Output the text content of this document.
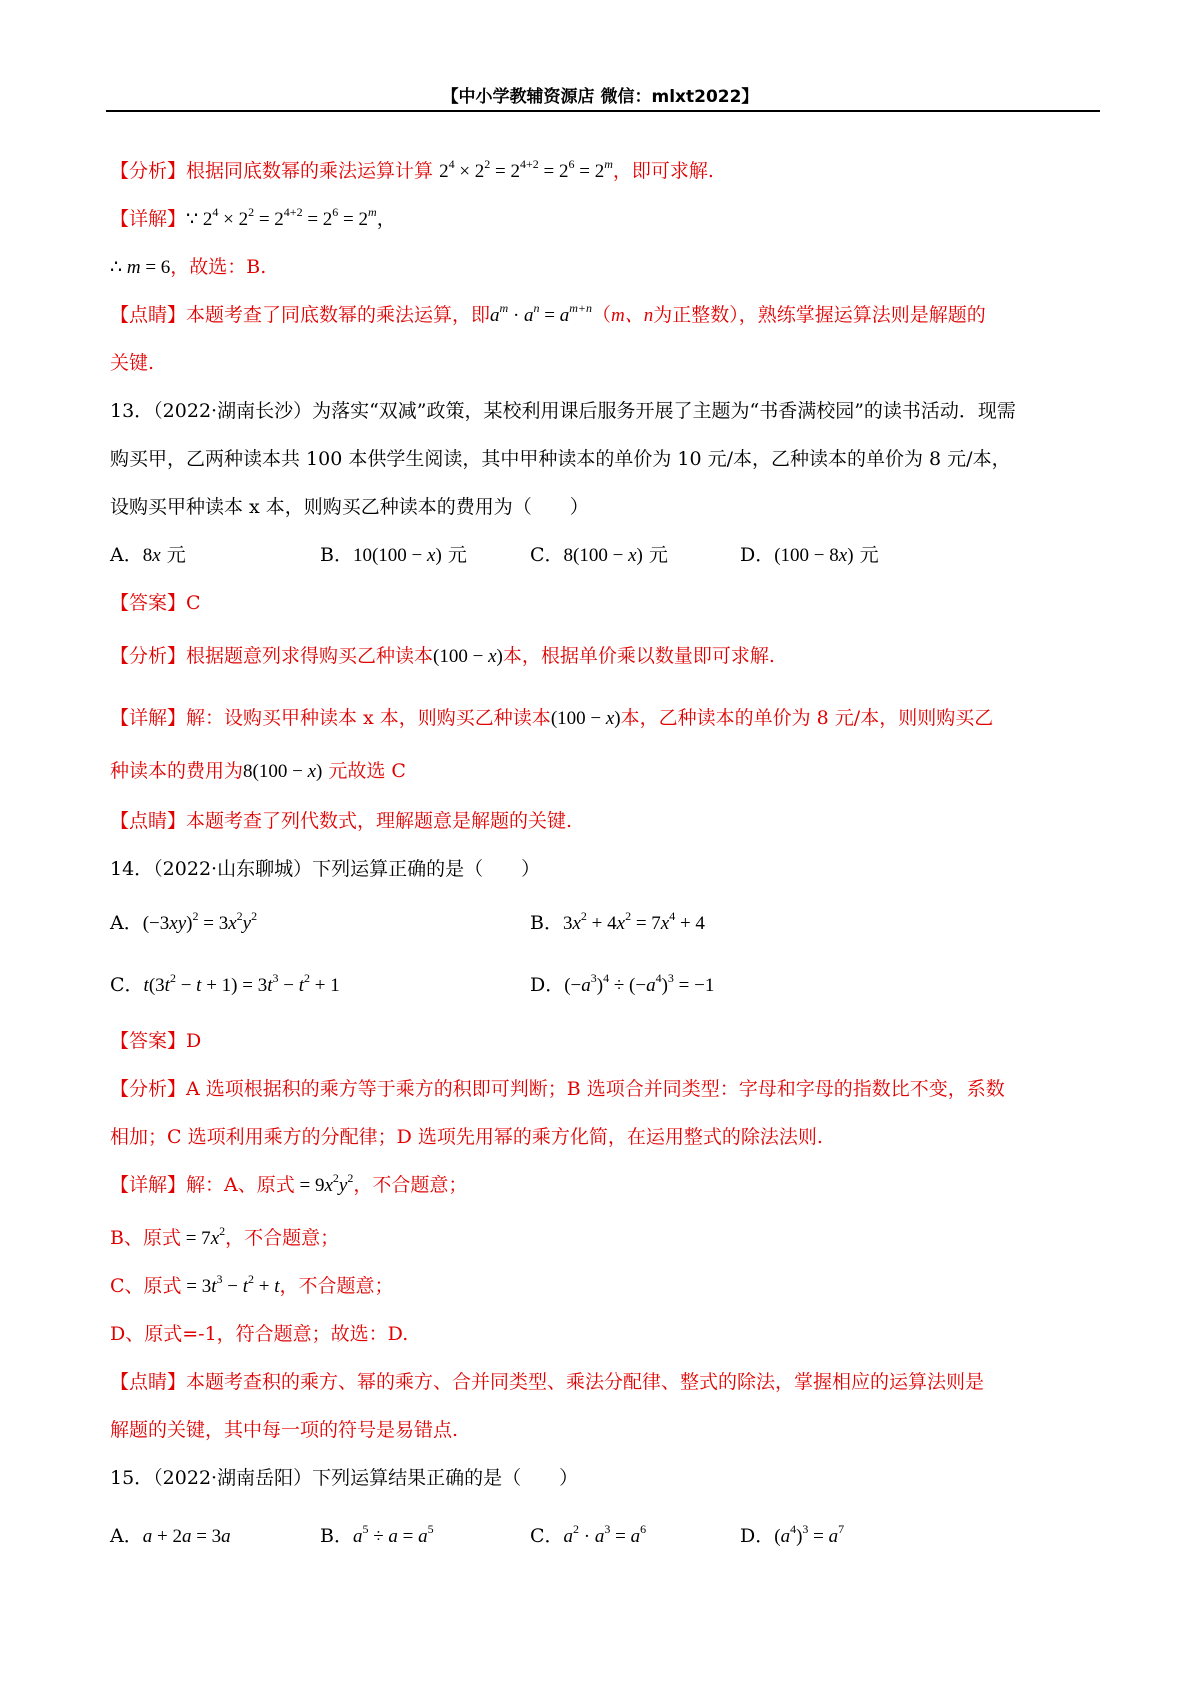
【中小学教辅资源店 微信：mlxt2022】
【分析】根据同底数幂的乘法运算计算 $2^4 \times 2^2 = 2^{4+2} = 2^6 = 2^m$，即可求解.
【详解】∵ $2^4 \times 2^2 = 2^{4+2} = 2^6 = 2^m$，
∴ m = 6，故选：B.
【点睛】本题考查了同底数幂的乘法运算，即$a^m \cdot a^n = a^{m+n}(m$、n为正整数），熟练掌握运算法则是解题的
关键.
13．（2022·湖南长沙）为落实“双减”政策，某校利用课后服务开展了主题为“书香满校园”的读书活动．现需
购买甲，乙两种读本共 100 本供学生阅读，其中甲种读本的单价为 10 元/本，乙种读本的单价为 8 元/本，
设购买甲种读本 x 本，则购买乙种读本的费用为（　　）
A．8x 元	B．10(100 − x) 元	C．8(100 − x) 元	D．(100 − 8x) 元
【答案】C
【分析】根据题意列求得购买乙种读本(100 − x)本，根据单价乘以数量即可求解.
【详解】解：设购买甲种读本 x 本，则购买乙种读本(100 − x)本，乙种读本的单价为 8 元/本，则则购买乙
种读本的费用为8(100 − x) 元故选 C
【点睛】本题考查了列代数式，理解题意是解题的关键.
14．（2022·山东聊城）下列运算正确的是（　　）
A．$(-3xy)^2 = 3x^2y^2$	B．$3x^2 + 4x^2 = 7x^4 + 4$
C．$t(3t^2 - t + 1) = 3t^3 - t^2 + 1$	D．$(-a^3)^4 \div (-a^4)^3 = -1$
【答案】D
【分析】A 选项根据积的乘方等于乘方的积即可判断；B 选项合并同类型：字母和字母的指数比不变，系数
相加；C 选项利用乘方的分配律；D 选项先用幂的乘方化简，在运用整式的除法法则.
【详解】解：A、原式 = $9x^2y^2$，不合题意；
B、原式 = $7x^2$，不合题意；
C、原式 = $3t^3 - t^2 + t$，不合题意；
D、原式=-1，符合题意；故选：D.
【点睛】本题考查积的乘方、幂的乘方、合并同类型、乘法分配律、整式的除法，掌握相应的运算法则是
解题的关键，其中每一项的符号是易错点.
15．（2022·湖南岳阳）下列运算结果正确的是（　　）
A．a + 2a = 3a	B．$a^5 \div a = a^5$	C．$a^2 \cdot a^3 = a^6$	D．$(a^4)^3 = a^7$
